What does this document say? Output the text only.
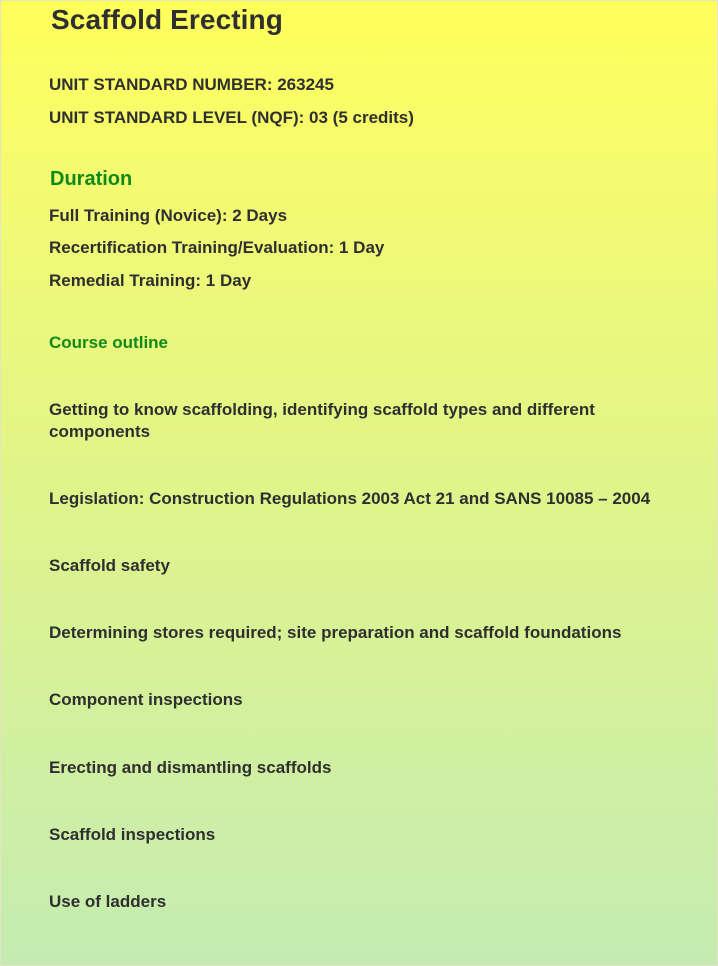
Scaffold Erecting

UNIT STANDARD NUMBER: 263245

UNIT STANDARD LEVEL (NQF): 03 (5 credits)

Duration

Full Training (Novice): 2 Days

Recertification Training/Evaluation: 1 Day

Remedial Training: 1 Day

Course outline

Getting to know scaffolding, identifying scaffold types and different components

Legislation: Construction Regulations 2003 Act 21 and SANS 10085 – 2004

Scaffold safety

Determining stores required; site preparation and scaffold foundations

Component inspections

Erecting and dismantling scaffolds

Scaffold inspections

Use of ladders
